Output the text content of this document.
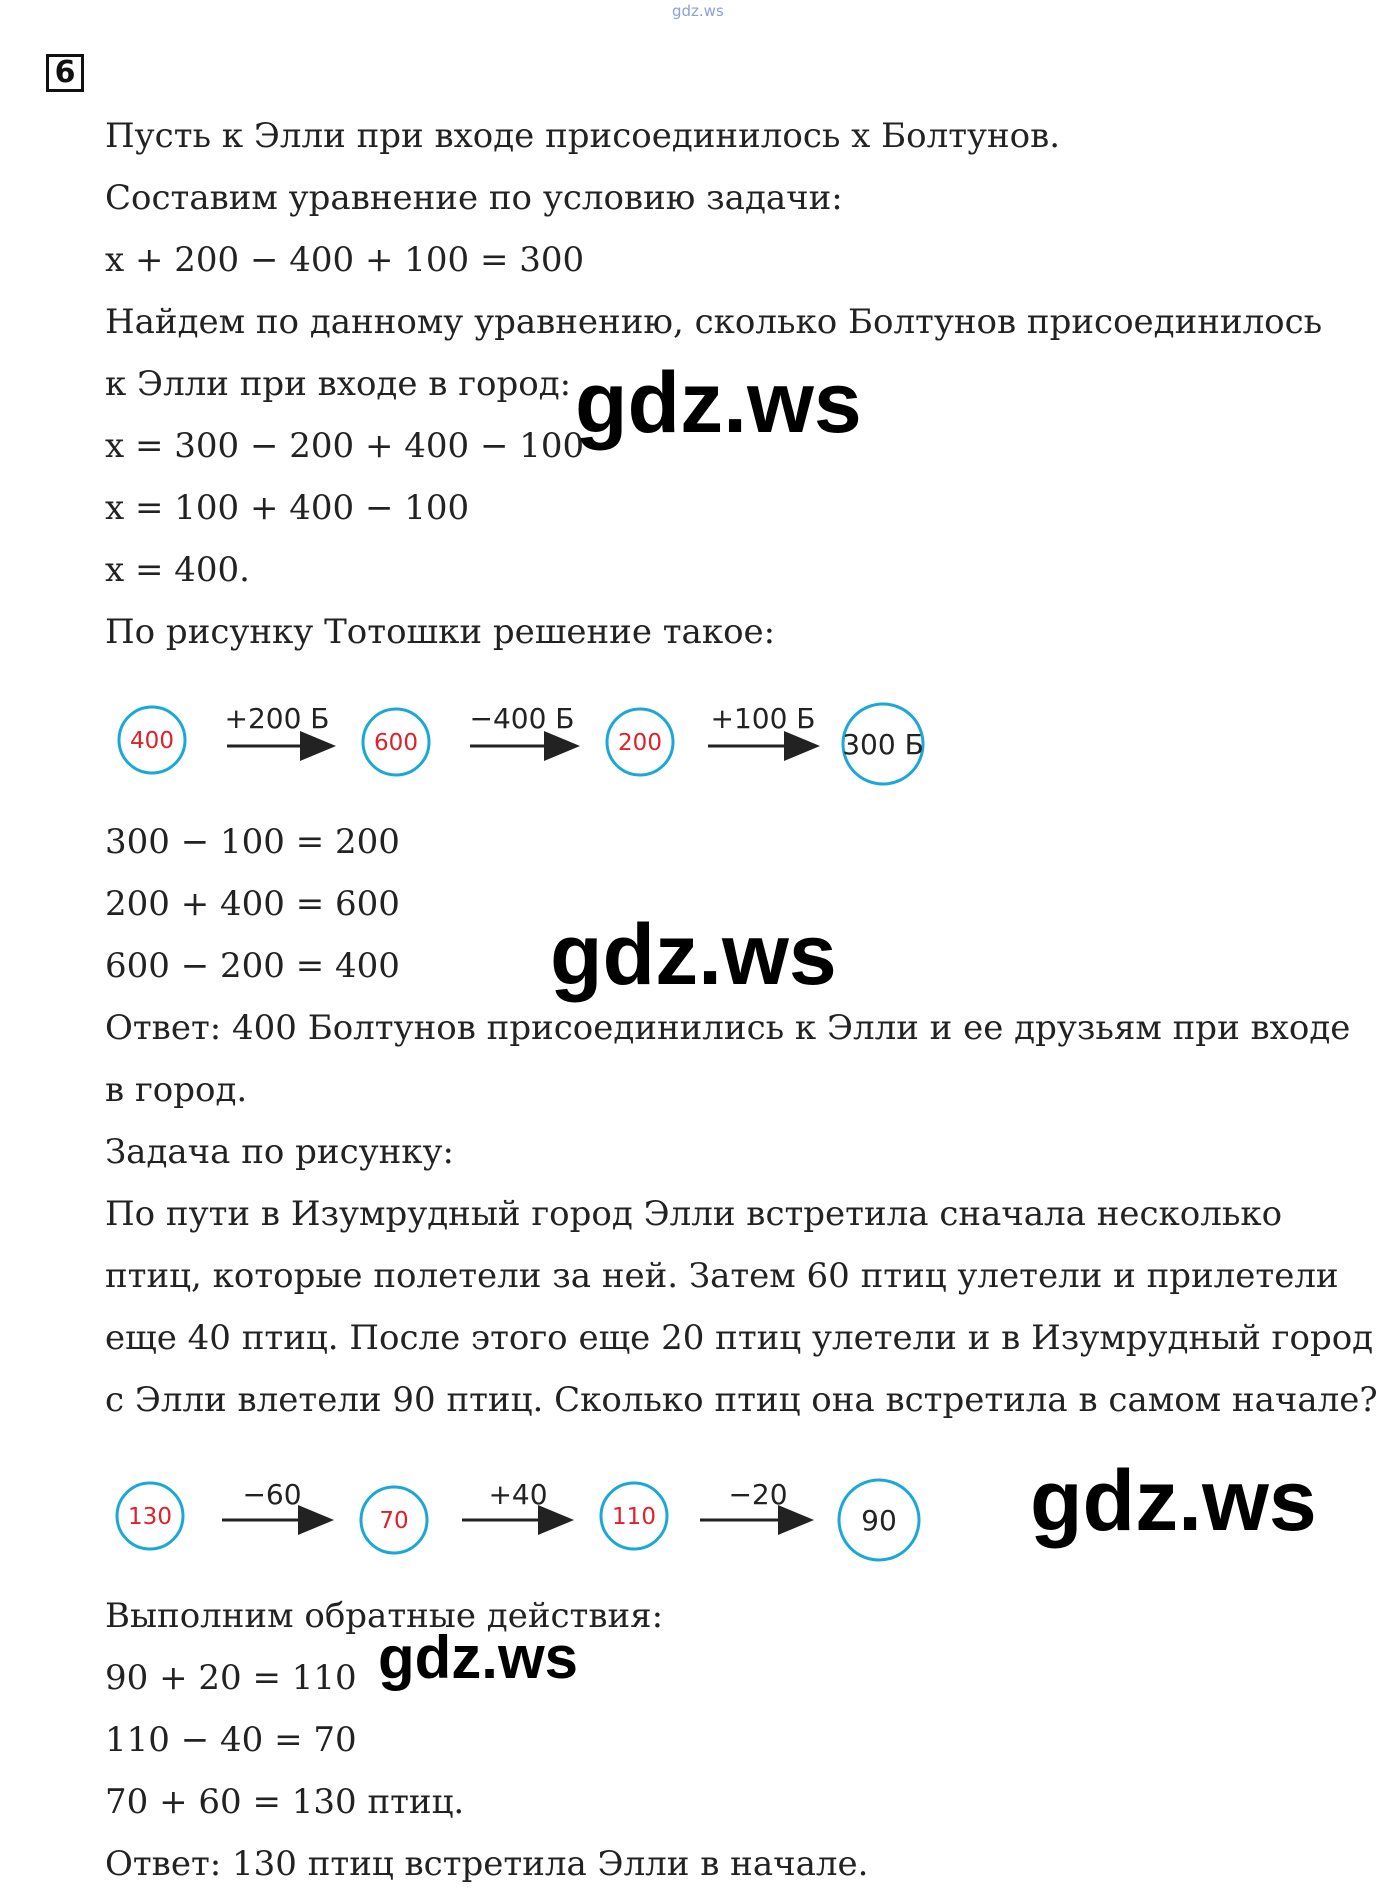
gdz.ws
6
Пусть к Элли при входе присоединилось x Болтунов.
Составим уравнение по условию задачи:
x + 200 − 400 + 100 = 300
Найдем по данному уравнению, сколько Болтунов присоединилось
к Элли при входе в город:
x = 300 − 200 + 400 − 100
x = 100 + 400 − 100
x = 400.
По рисунку Тотошки решение такое:
400	600	200	300 Б
+200 Б	−400 Б	+100 Б
300 − 100 = 200
200 + 400 = 600
600 − 200 = 400
Ответ: 400 Болтунов присоединились к Элли и ее друзьям при входе
в город.
Задача по рисунку:
По пути в Изумрудный город Элли встретила сначала несколько
птиц, которые полетели за ней. Затем 60 птиц улетели и прилетели
еще 40 птиц. После этого еще 20 птиц улетели и в Изумрудный город
с Элли влетели 90 птиц. Сколько птиц она встретила в самом начале?
130	70	110	90
−60	+40	−20
Выполним обратные действия:
90 + 20 = 110
110 − 40 = 70
70 + 60 = 130 птиц.
Ответ: 130 птиц встретила Элли в начале.
gdz.ws
gdz.ws
gdz.ws
gdz.ws
